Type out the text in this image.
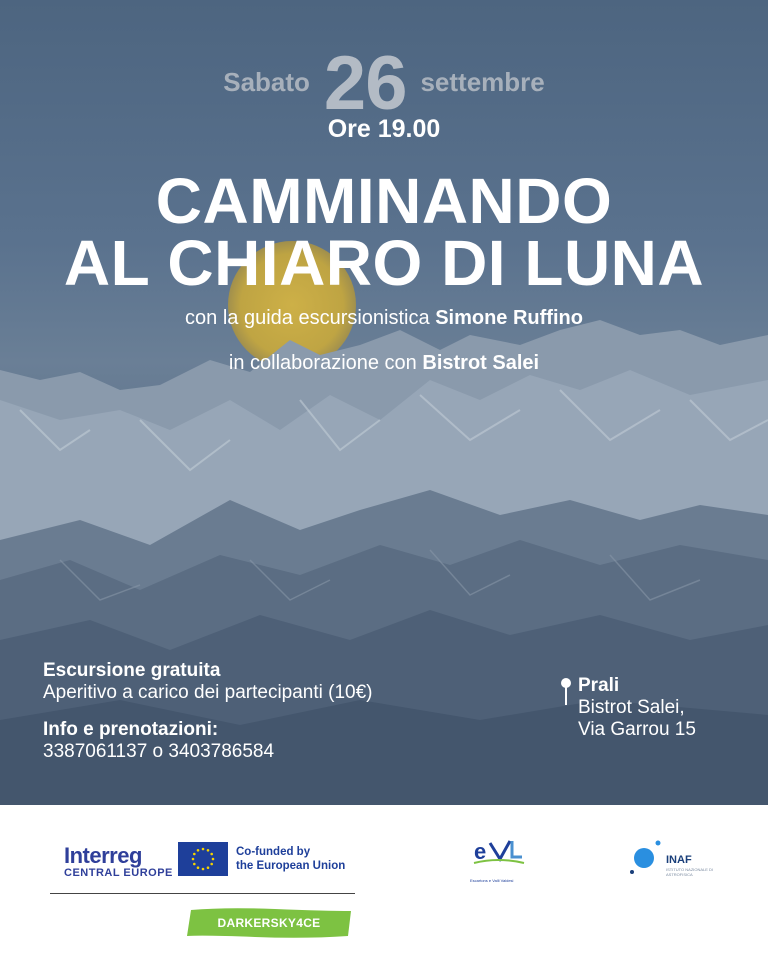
Sabato 26 settembre
Ore 19.00
CAMMINANDO
AL CHIARO DI LUNA
con la guida escursionistica Simone Ruffino
in collaborazione con Bistrot Salei
Escursione gratuita
Aperitivo a carico dei partecipanti (10€)
Info e prenotazioni:
3387061137 o 3403786584
Prali
Bistrot Salei,
Via Garrou 15
Interreg
CENTRAL EUROPE
Co-funded by
the European Union
DARKERSKY4CE
e
Escartons e Valli Valdesi
INAF
ISTITUTO NAZIONALE DI ASTROFISICA
